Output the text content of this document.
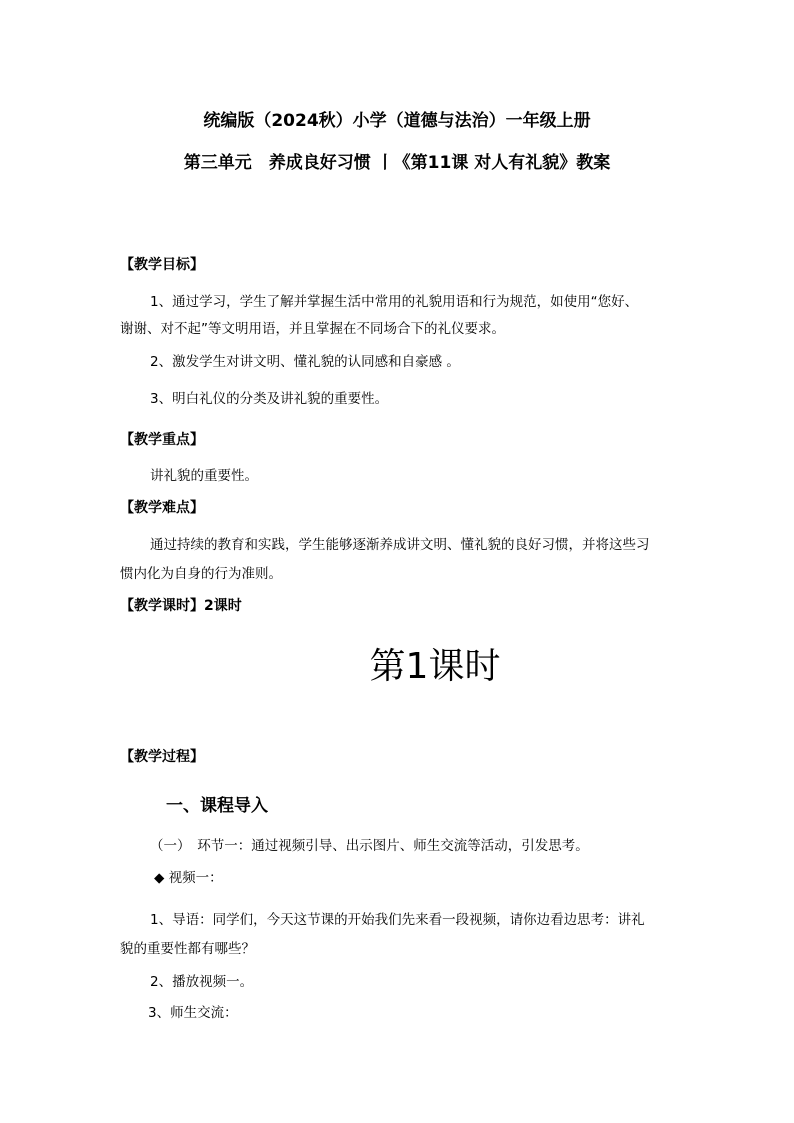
统编版（2024秋）小学（道德与法治）一年级上册
第三单元　养成良好习惯 丨《第11课 对人有礼貌》教案
【教学目标】
1、通过学习，学生了解并掌握生活中常用的礼貌用语和行为规范，如使用“您好、
谢谢、对不起”等文明用语，并且掌握在不同场合下的礼仪要求。
2、激发学生对讲文明、懂礼貌的认同感和自豪感 。
3、明白礼仪的分类及讲礼貌的重要性。
【教学重点】
讲礼貌的重要性。
【教学难点】
通过持续的教育和实践，学生能够逐渐养成讲文明、懂礼貌的良好习惯，并将这些习
惯内化为自身的行为准则。
【教学课时】2课时
第1课时
【教学过程】
一、课程导入
（一）　环节一：通过视频引导、出示图片、师生交流等活动，引发思考。
◆ 视频一：
1、导语：同学们，今天这节课的开始我们先来看一段视频，请你边看边思考：讲礼
貌的重要性都有哪些？
2、播放视频一。
3、师生交流：
